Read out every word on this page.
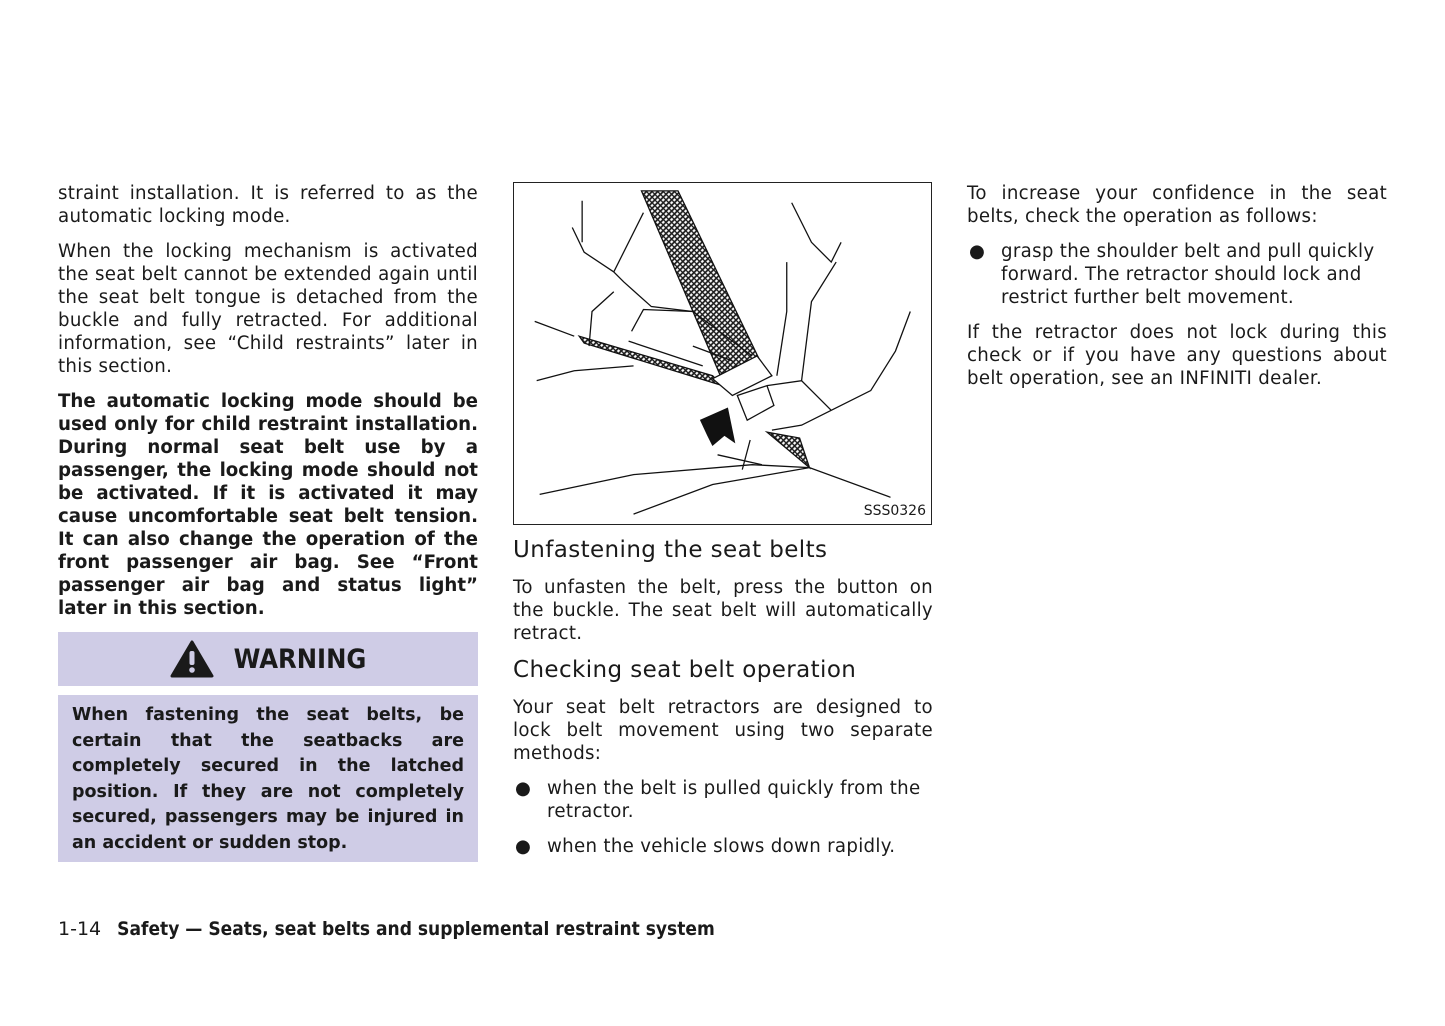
straint installation. It is referred to as the automatic locking mode.

When the locking mechanism is activated the seat belt cannot be extended again until the seat belt tongue is detached from the buckle and fully retracted. For additional information, see “Child restraints” later in this section.

The automatic locking mode should be used only for child restraint installation. During normal seat belt use by a passenger, the locking mode should not be activated. If it is activated it may cause uncomfortable seat belt tension. It can also change the operation of the front passenger air bag. See “Front passenger air bag and status light” later in this section.

WARNING
When fastening the seat belts, be certain that the seatbacks are completely secured in the latched position. If they are not completely secured, passengers may be injured in an accident or sudden stop.
SSS0326
Unfastening the seat belts

To unfasten the belt, press the button on the buckle. The seat belt will automatically retract.

Checking seat belt operation

Your seat belt retractors are designed to lock belt movement using two separate methods:

● when the belt is pulled quickly from the retractor.
● when the vehicle slows down rapidly.

To increase your confidence in the seat belts, check the operation as follows:

● grasp the shoulder belt and pull quickly forward. The retractor should lock and restrict further belt movement.

If the retractor does not lock during this check or if you have any questions about belt operation, see an INFINITI dealer.

1-14 Safety — Seats, seat belts and supplemental restraint system
